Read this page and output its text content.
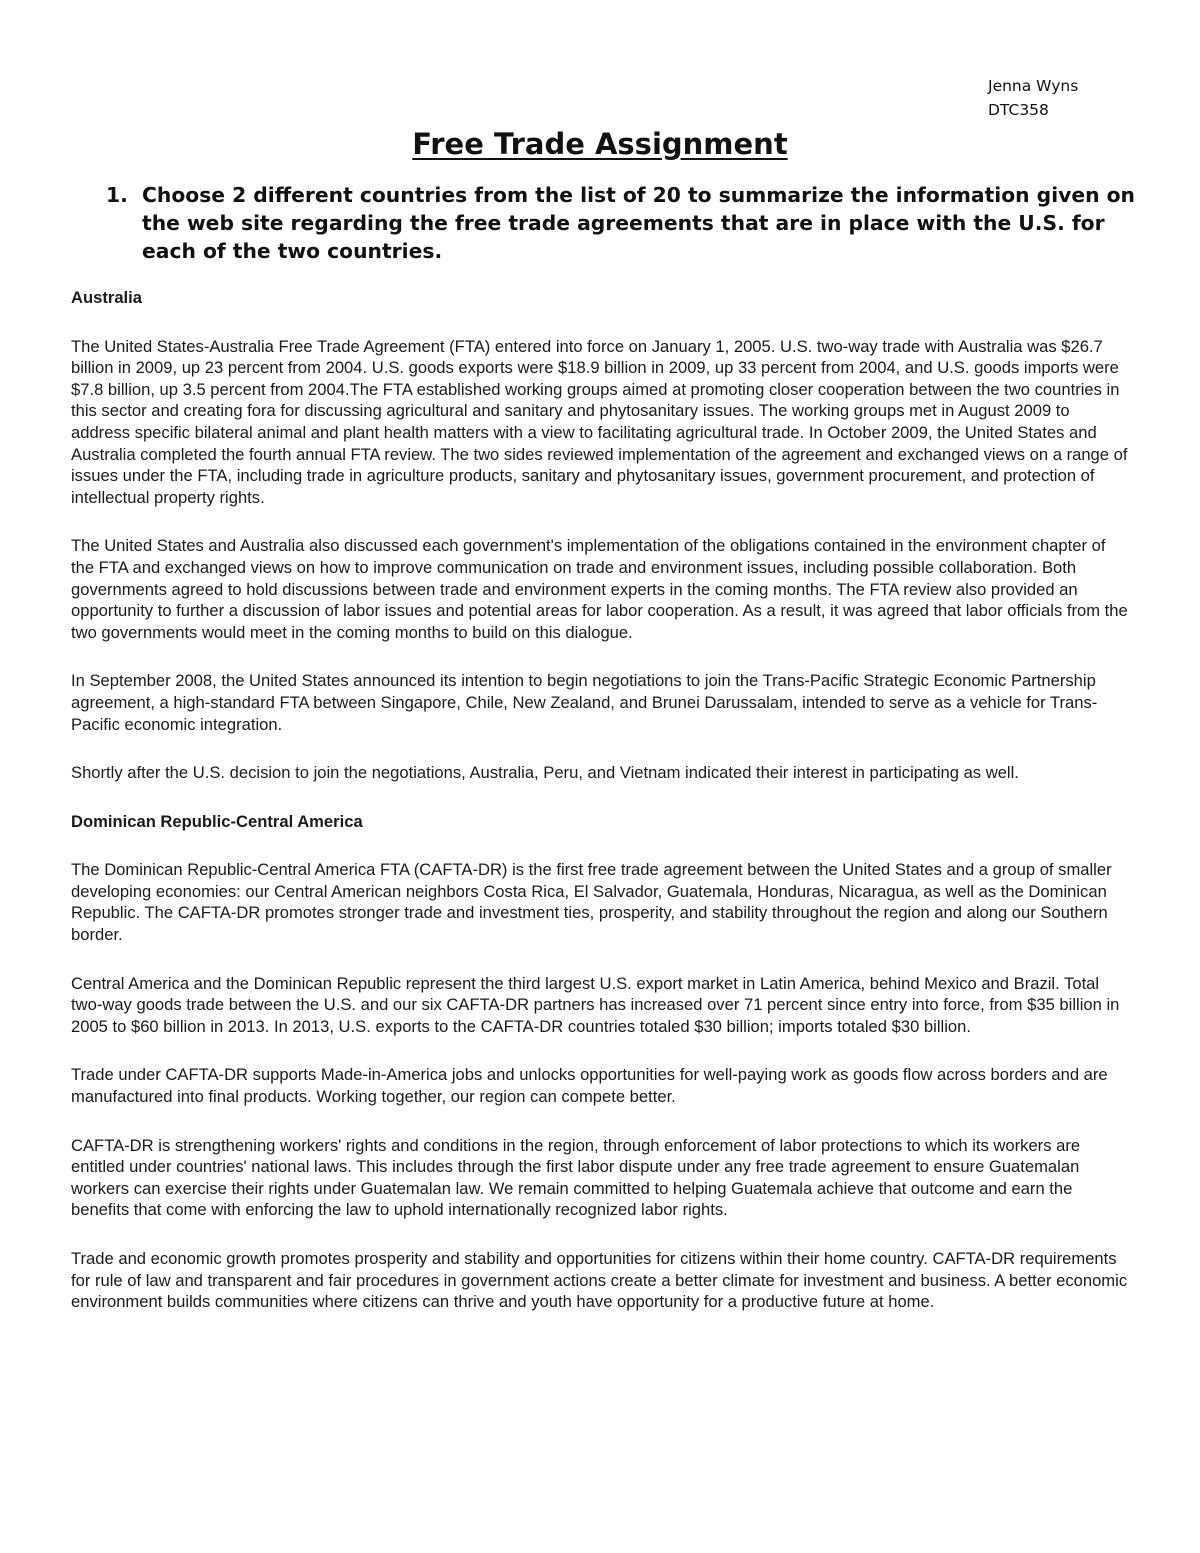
Jenna Wyns
DTC358
Free Trade Assignment
1. Choose 2 different countries from the list of 20 to summarize the information given on the web site regarding the free trade agreements that are in place with the U.S. for each of the two countries.
Australia

The United States-Australia Free Trade Agreement (FTA) entered into force on January 1, 2005. U.S. two-way trade with Australia was $26.7 billion in 2009, up 23 percent from 2004. U.S. goods exports were $18.9 billion in 2009, up 33 percent from 2004, and U.S. goods imports were $7.8 billion, up 3.5 percent from 2004.The FTA established working groups aimed at promoting closer cooperation between the two countries in this sector and creating fora for discussing agricultural and sanitary and phytosanitary issues. The working groups met in August 2009 to address specific bilateral animal and plant health matters with a view to facilitating agricultural trade. In October 2009, the United States and Australia completed the fourth annual FTA review. The two sides reviewed implementation of the agreement and exchanged views on a range of issues under the FTA, including trade in agriculture products, sanitary and phytosanitary issues, government procurement, and protection of intellectual property rights.

The United States and Australia also discussed each government's implementation of the obligations contained in the environment chapter of the FTA and exchanged views on how to improve communication on trade and environment issues, including possible collaboration. Both governments agreed to hold discussions between trade and environment experts in the coming months. The FTA review also provided an opportunity to further a discussion of labor issues and potential areas for labor cooperation. As a result, it was agreed that labor officials from the two governments would meet in the coming months to build on this dialogue.

In September 2008, the United States announced its intention to begin negotiations to join the Trans-Pacific Strategic Economic Partnership agreement, a high-standard FTA between Singapore, Chile, New Zealand, and Brunei Darussalam, intended to serve as a vehicle for Trans-Pacific economic integration.

Shortly after the U.S. decision to join the negotiations, Australia, Peru, and Vietnam indicated their interest in participating as well.

Dominican Republic-Central America

The Dominican Republic-Central America FTA (CAFTA-DR) is the first free trade agreement between the United States and a group of smaller developing economies: our Central American neighbors Costa Rica, El Salvador, Guatemala, Honduras, Nicaragua, as well as the Dominican Republic. The CAFTA-DR promotes stronger trade and investment ties, prosperity, and stability throughout the region and along our Southern border.

Central America and the Dominican Republic represent the third largest U.S. export market in Latin America, behind Mexico and Brazil. Total two-way goods trade between the U.S. and our six CAFTA-DR partners has increased over 71 percent since entry into force, from $35 billion in 2005 to $60 billion in 2013. In 2013, U.S. exports to the CAFTA-DR countries totaled $30 billion; imports totaled $30 billion.

Trade under CAFTA-DR supports Made-in-America jobs and unlocks opportunities for well-paying work as goods flow across borders and are manufactured into final products. Working together, our region can compete better.

CAFTA-DR is strengthening workers' rights and conditions in the region, through enforcement of labor protections to which its workers are entitled under countries' national laws. This includes through the first labor dispute under any free trade agreement to ensure Guatemalan workers can exercise their rights under Guatemalan law. We remain committed to helping Guatemala achieve that outcome and earn the benefits that come with enforcing the law to uphold internationally recognized labor rights.

Trade and economic growth promotes prosperity and stability and opportunities for citizens within their home country. CAFTA-DR requirements for rule of law and transparent and fair procedures in government actions create a better climate for investment and business. A better economic environment builds communities where citizens can thrive and youth have opportunity for a productive future at home.
